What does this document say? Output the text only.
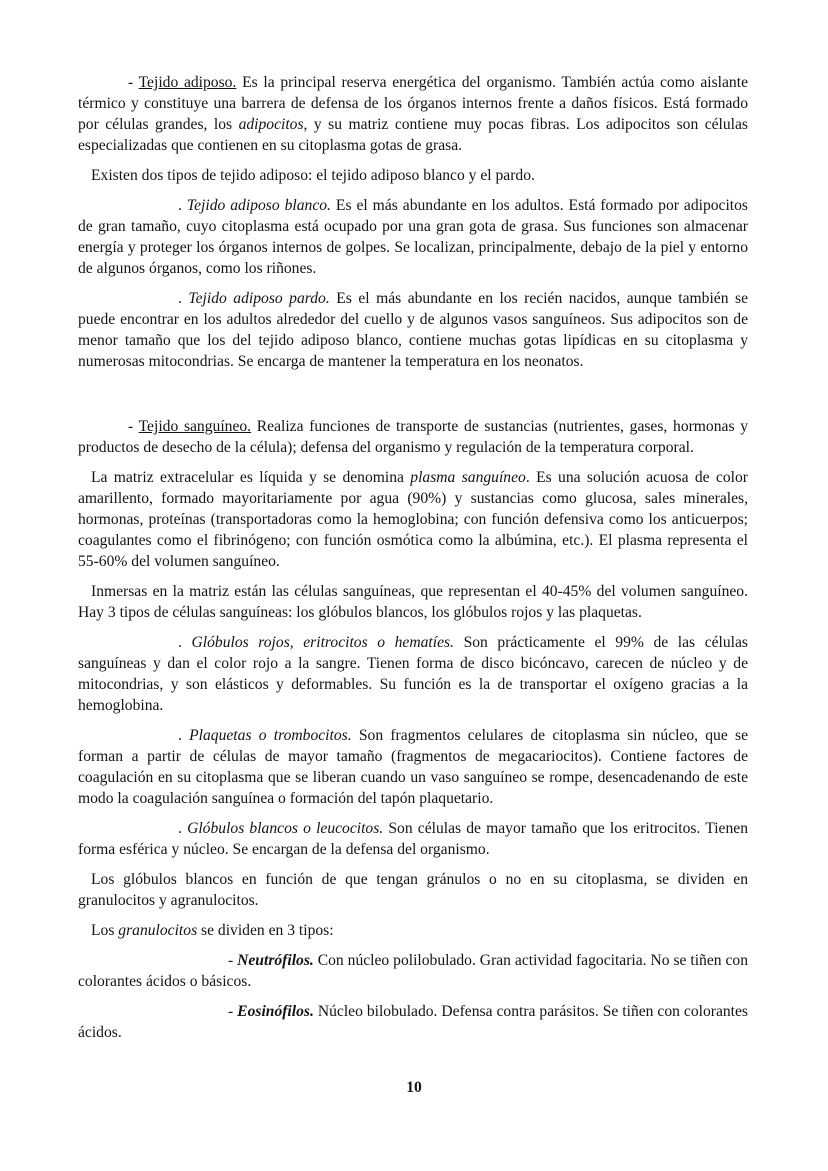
- Tejido adiposo. Es la principal reserva energética del organismo. También actúa como aislante térmico y constituye una barrera de defensa de los órganos internos frente a daños físicos. Está formado por células grandes, los adipocitos, y su matriz contiene muy pocas fibras. Los adipocitos son células especializadas que contienen en su citoplasma gotas de grasa.

Existen dos tipos de tejido adiposo: el tejido adiposo blanco y el pardo.

. Tejido adiposo blanco. Es el más abundante en los adultos. Está formado por adipocitos de gran tamaño, cuyo citoplasma está ocupado por una gran gota de grasa. Sus funciones son almacenar energía y proteger los órganos internos de golpes. Se localizan, principalmente, debajo de la piel y entorno de algunos órganos, como los riñones.

. Tejido adiposo pardo. Es el más abundante en los recién nacidos, aunque también se puede encontrar en los adultos alrededor del cuello y de algunos vasos sanguíneos. Sus adipocitos son de menor tamaño que los del tejido adiposo blanco, contiene muchas gotas lipídicas en su citoplasma y numerosas mitocondrias. Se encarga de mantener la temperatura en los neonatos.

- Tejido sanguíneo. Realiza funciones de transporte de sustancias (nutrientes, gases, hormonas y productos de desecho de la célula); defensa del organismo y regulación de la temperatura corporal.

La matriz extracelular es líquida y se denomina plasma sanguíneo. Es una solución acuosa de color amarillento, formado mayoritariamente por agua (90%) y sustancias como glucosa, sales minerales, hormonas, proteínas (transportadoras como la hemoglobina; con función defensiva como los anticuerpos; coagulantes como el fibrinógeno; con función osmótica como la albúmina, etc.). El plasma representa el 55-60% del volumen sanguíneo.

Inmersas en la matriz están las células sanguíneas, que representan el 40-45% del volumen sanguíneo. Hay 3 tipos de células sanguíneas: los glóbulos blancos, los glóbulos rojos y las plaquetas.

. Glóbulos rojos, eritrocitos o hematíes. Son prácticamente el 99% de las células sanguíneas y dan el color rojo a la sangre. Tienen forma de disco bicóncavo, carecen de núcleo y de mitocondrias, y son elásticos y deformables. Su función es la de transportar el oxígeno gracias a la hemoglobina.

. Plaquetas o trombocitos. Son fragmentos celulares de citoplasma sin núcleo, que se forman a partir de células de mayor tamaño (fragmentos de megacariocitos). Contiene factores de coagulación en su citoplasma que se liberan cuando un vaso sanguíneo se rompe, desencadenando de este modo la coagulación sanguínea o formación del tapón plaquetario.

. Glóbulos blancos o leucocitos. Son células de mayor tamaño que los eritrocitos. Tienen forma esférica y núcleo. Se encargan de la defensa del organismo.

Los glóbulos blancos en función de que tengan gránulos o no en su citoplasma, se dividen en granulocitos y agranulocitos.

Los granulocitos se dividen en 3 tipos:

- Neutrófilos. Con núcleo polilobulado. Gran actividad fagocitaria. No se tiñen con colorantes ácidos o básicos.

- Eosinófilos. Núcleo bilobulado. Defensa contra parásitos. Se tiñen con colorantes ácidos.

10
